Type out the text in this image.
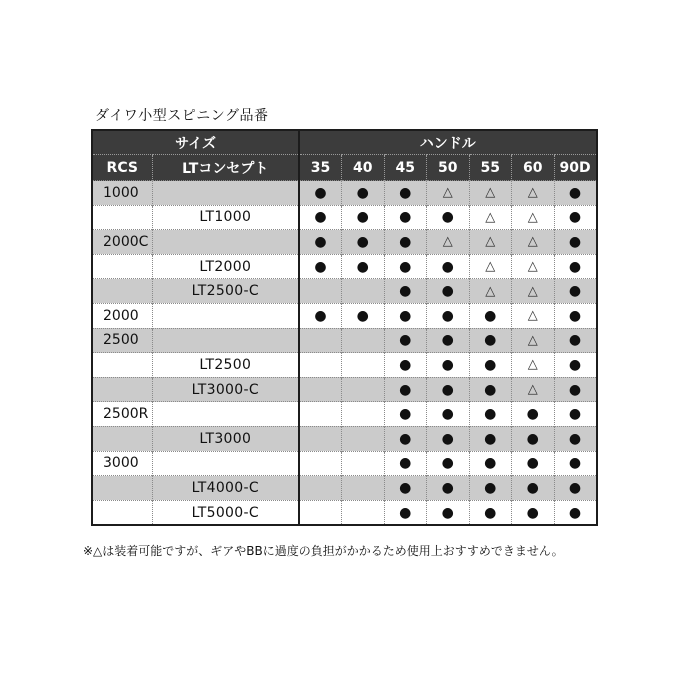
ダイワ小型スピニング品番
サイズ		ハンドル						
RCS	LTコンセプト	35	40	45	50	55	60	90D
1000		●	●	●	△	△	△	●
	LT1000	●	●	●	●	△	△	●
2000C		●	●	●	△	△	△	●
	LT2000	●	●	●	●	△	△	●
	LT2500-C			●	●	△	△	●
2000		●	●	●	●	●	△	●
2500				●	●	●	△	●
	LT2500			●	●	●	△	●
	LT3000-C			●	●	●	△	●
2500R				●	●	●	●	●
	LT3000			●	●	●	●	●
3000				●	●	●	●	●
	LT4000-C			●	●	●	●	●
	LT5000-C			●	●	●	●	●
※△は装着可能ですが、ギアやBBに過度の負担がかかるため使用上おすすめできません。
